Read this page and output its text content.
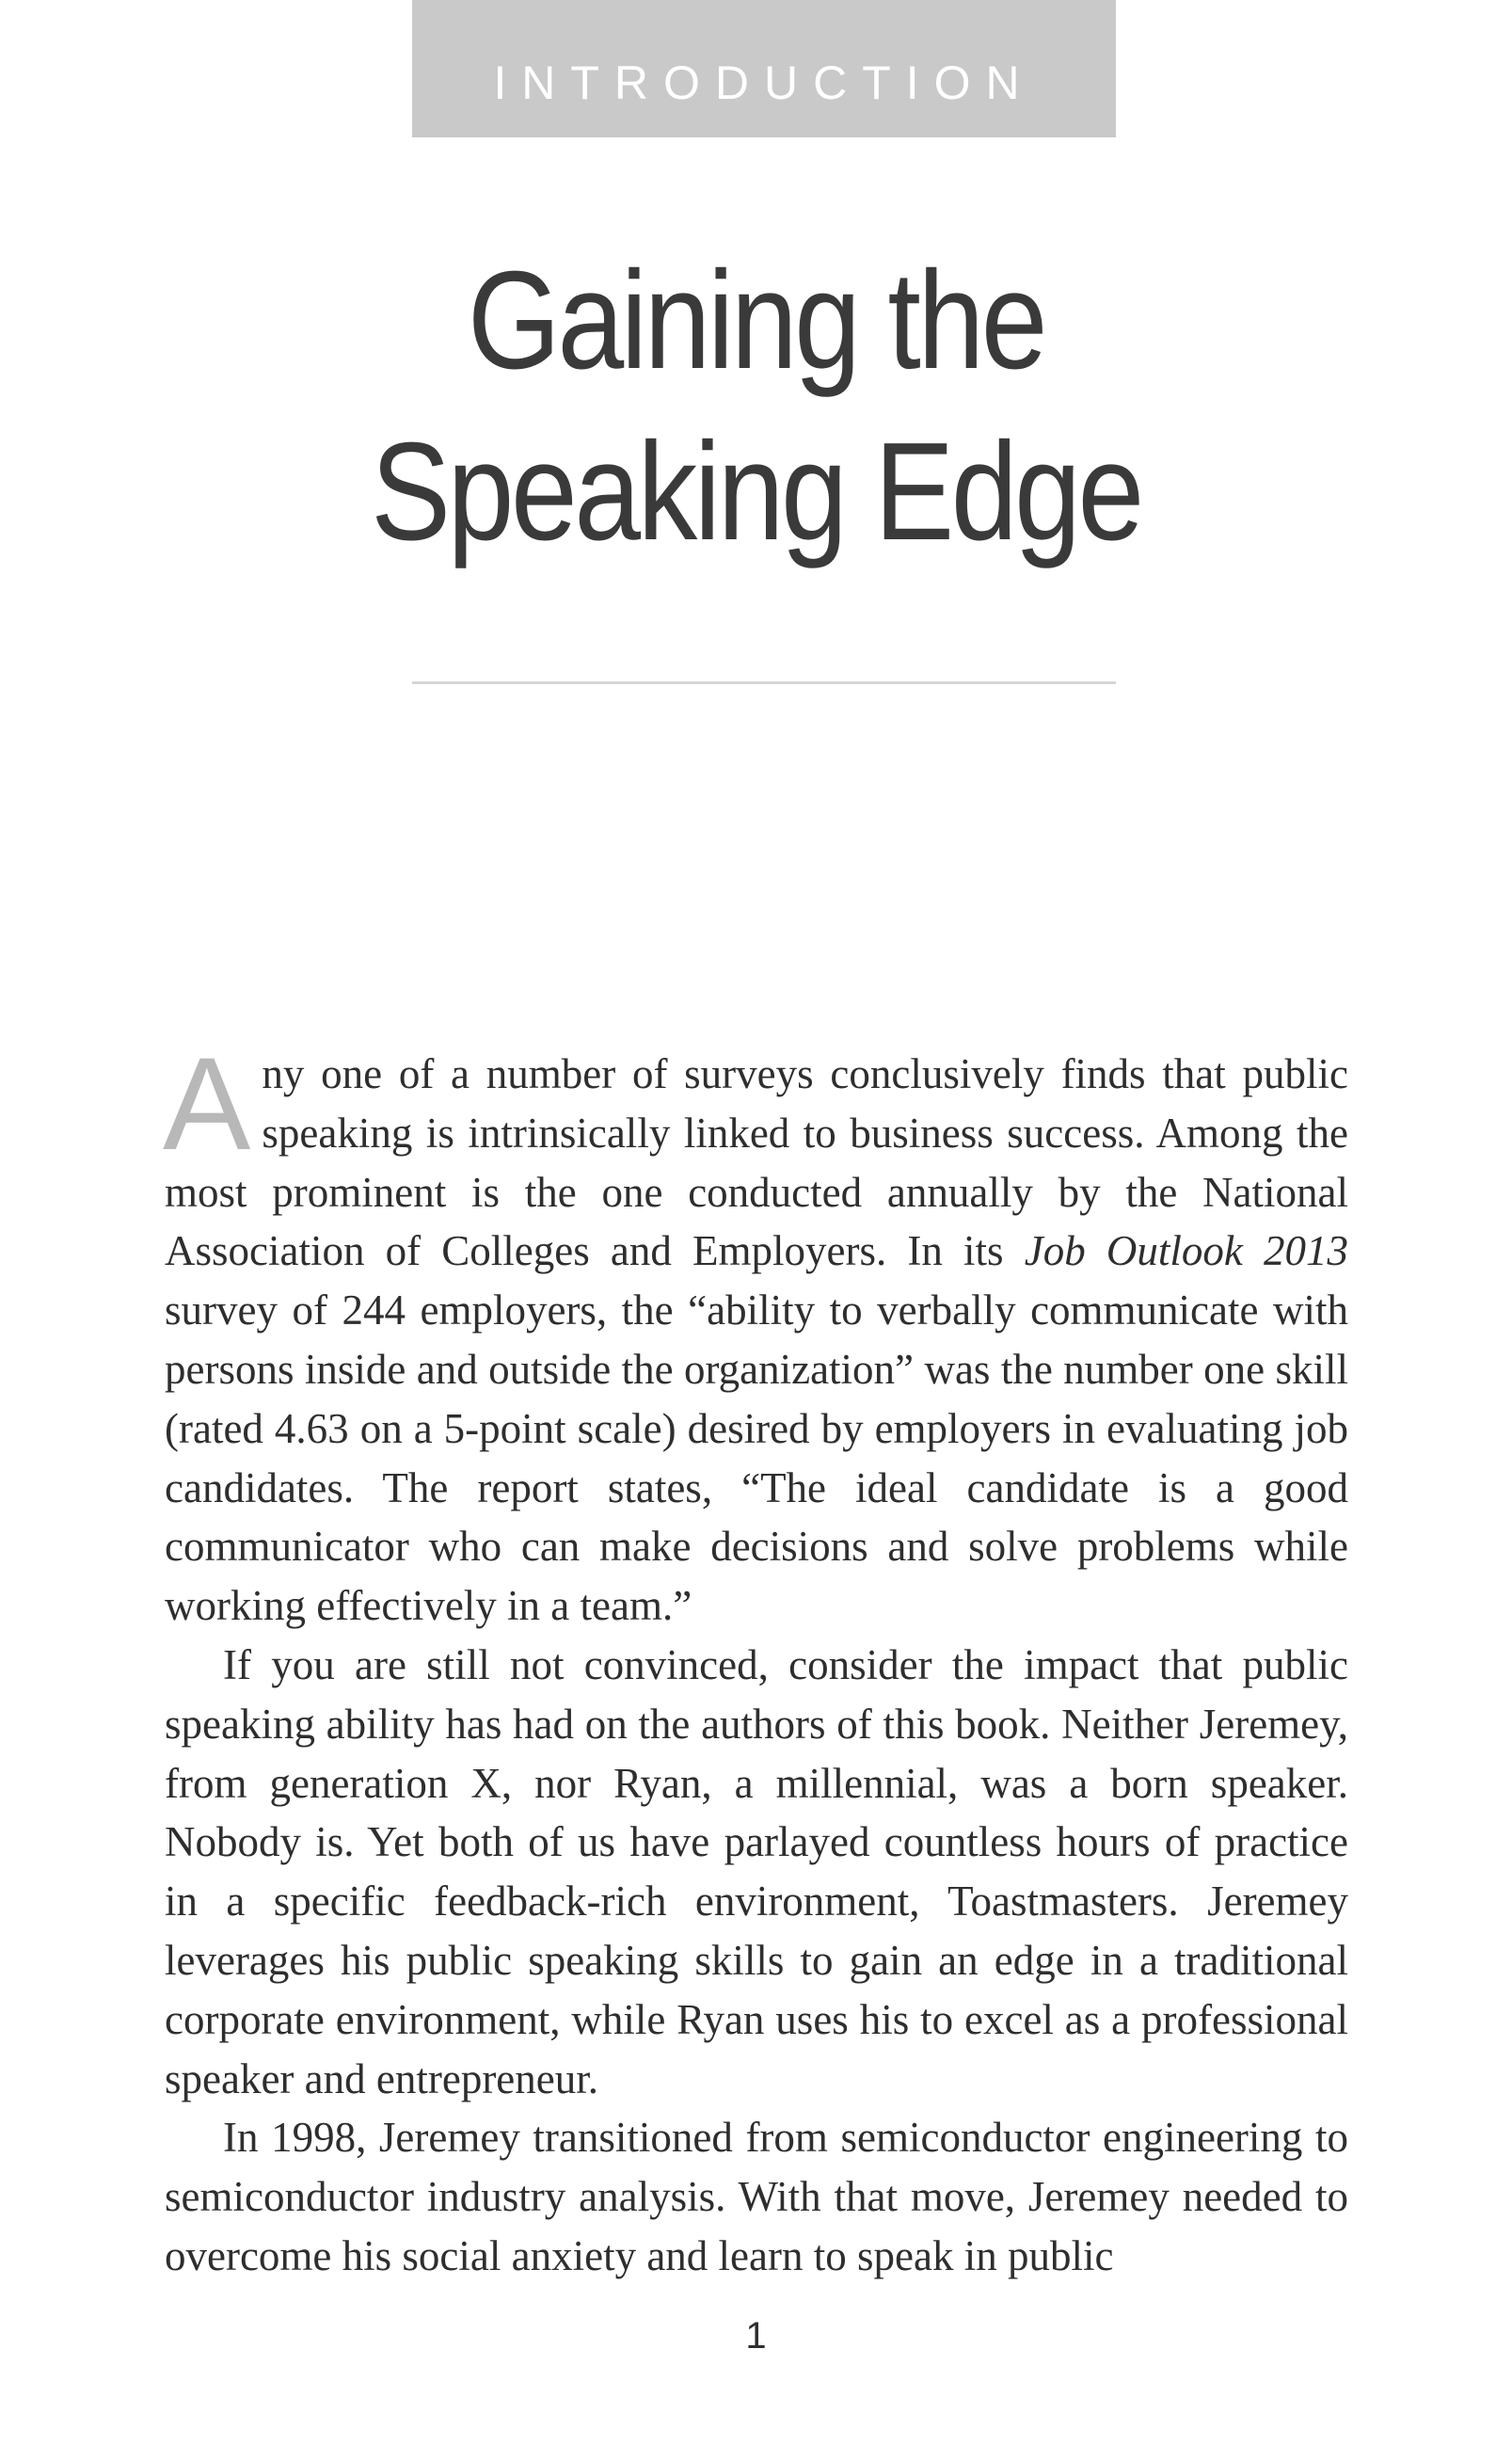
INTRODUCTION
Gaining the
Speaking Edge

Any one of a number of surveys conclusively finds that public speaking is intrinsically linked to business success. Among the most prominent is the one conducted annually by the National Association of Colleges and Employers. In its Job Outlook 2013 survey of 244 employers, the “ability to verbally communicate with persons inside and outside the organization” was the number one skill (rated 4.63 on a 5-point scale) desired by employers in evaluating job candidates. The report states, “The ideal candidate is a good communicator who can make decisions and solve problems while working effectively in a team.”

If you are still not convinced, consider the impact that public speaking ability has had on the authors of this book. Neither Jeremey, from generation X, nor Ryan, a millennial, was a born speaker. Nobody is. Yet both of us have parlayed countless hours of practice in a specific feedback-rich environment, Toastmasters. Jeremey leverages his public speaking skills to gain an edge in a traditional corporate environment, while Ryan uses his to excel as a professional speaker and entrepreneur.

In 1998, Jeremey transitioned from semiconductor engineering to semiconductor industry analysis. With that move, Jeremey needed to overcome his social anxiety and learn to speak in public

1
